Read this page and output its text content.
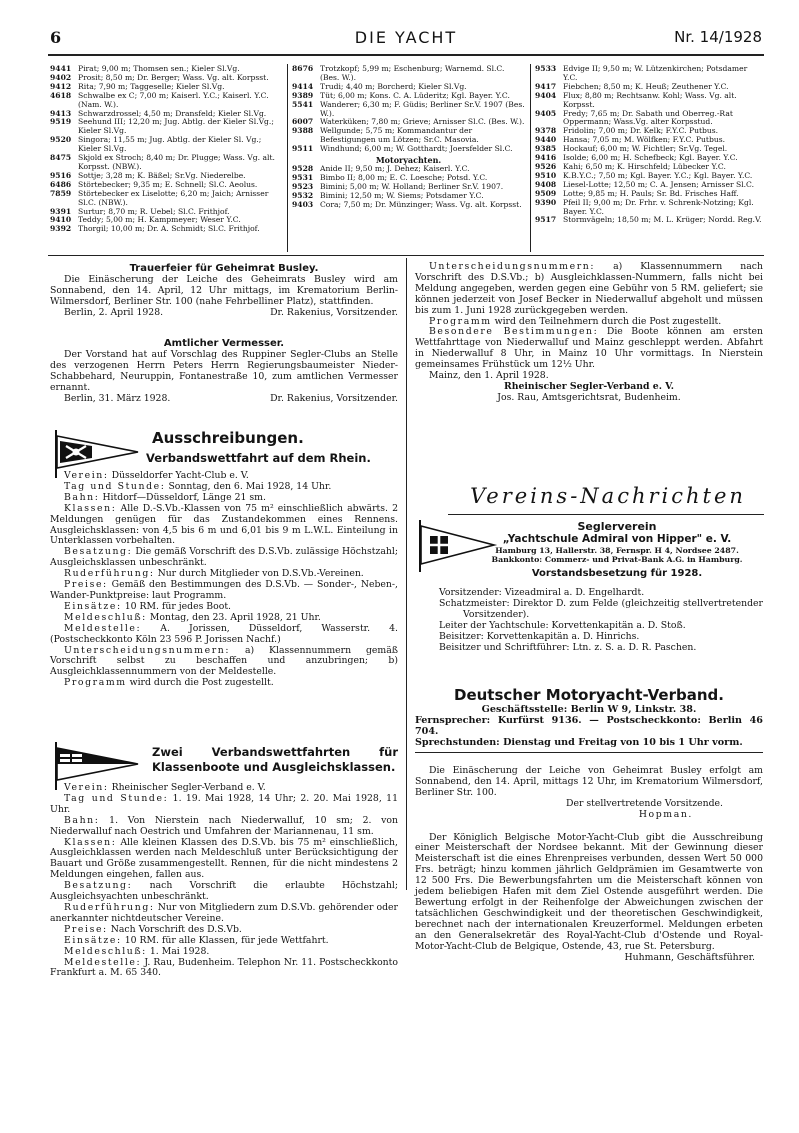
6	DIE YACHT	Nr. 14/1928

9441 Pirat; 9,00 m; Thomsen sen.; Kieler Sl.Vg.

9402 Prosit; 8,50 m; Dr. Berger; Wass. Vg. alt. Korpsst.

9412 Rita; 7,90 m; Taggeselle; Kieler Sl.Vg.

4618 Schwalbe ex C; 7,00 m; Kaiserl. Y.C.; Kaiserl. Y.C. (Nam. W.).

9413 Schwarzdrossel; 4,50 m; Dransfeld; Kieler Sl.Vg.

9519 Seehund III; 12,20 m; Jug. Abtlg. der Kieler Sl.Vg.; Kieler Sl.Vg.

9520 Singora; 11,55 m; Jug. Abtlg. der Kieler Sl. Vg.; Kieler Sl.Vg.

8475 Skjold ex Stroch; 8,40 m; Dr. Plugge; Wass. Vg. alt. Korpsst. (NBW.).

9516 Sottje; 3,28 m; K. Bäßel; Sr.Vg. Niederelbe.

6486 Störtebecker; 9,35 m; E. Schnell; Sl.C. Aeolus.

7859 Störtebecker ex Liselotte; 6,20 m; Jaich; Arnisser Sl.C. (NBW.).

9391 Surtur; 8,70 m; R. Uebel; Sl.C. Frithjof.

9410 Teddy; 5,00 m; H. Kampmeyer; Weser Y.C.

9392 Thorgil; 10,00 m; Dr. A. Schmidt; Sl.C. Frithjof.

8676 Trotzkopf; 5,99 m; Eschenburg; Warnemd. Sl.C. (Bes. W.).

9414 Trudi; 4,40 m; Borcherd; Kieler Sl.Vg.

9389 Tüt; 6,00 m; Kons. C. A. Lüderitz; Kgl. Bayer. Y.C.

5541 Wanderer; 6,30 m; F. Güdis; Berliner Sr.V. 1907 (Bes. W.).

6007 Waterküken; 7,80 m; Grieve; Arnisser Sl.C. (Bes. W.).

9388 Wellgunde; 5,75 m; Kommandantur der Befestigungen um Lötzen; Sr.C. Masovia.

9511 Windhund; 6,00 m; W. Gotthardt; Joersfelder Sl.C.

Motoryachten.

9528 Anide II; 9,50 m; J. Dehez; Kaiserl. Y.C.

9531 Bimbo II; 8,00 m; E. C. Loesche; Potsd. Y.C.

9523 Bimini; 5,00 m; W. Holland; Berliner Sr.V. 1907.

9532 Bimini; 12,50 m; W. Siems; Potsdamer Y.C.

9403 Cora; 7,50 m; Dr. Münzinger; Wass. Vg. alt. Korpsst.

9533 Edvige II; 9,50 m; W. Lützenkirchen; Potsdamer Y.C.

9417 Fiebchen; 8,50 m; K. Heuß; Zeuthener Y.C.

9404 Flux; 8,80 m; Rechtsanw. Kohl; Wass. Vg. alt. Korpsst.

9405 Fredy; 7,65 m; Dr. Sabath und Oberreg.-Rat Oppermann; Wass.Vg. alter Korpsstud.

9378 Fridolin; 7,00 m; Dr. Kelk; F.Y.C. Putbus.

9440 Hansa; 7,05 m; M. Wölfken; F.Y.C. Putbus.

9385 Hockauf; 6,00 m; W. Fichtler; Sr.Vg. Tegel.

9416 Isolde; 6,00 m; H. Schefbeck; Kgl. Bayer. Y.C.

9526 Kahi; 6,50 m; K. Hirschfeld; Lübecker Y.C.

9510 K.B.Y.C.; 7,50 m; Kgl. Bayer. Y.C.; Kgl. Bayer. Y.C.

9408 Liesel-Lotte; 12,50 m; C. A. Jensen; Arnisser Sl.C.

9509 Lotte; 9,85 m; H. Pauls; Sr. Bd. Frisches Haff.

9390 Pfeil II; 9,00 m; Dr. Frhr. v. Schrenk-Notzing; Kgl. Bayer. Y.C.

9517 Stormvägeln; 18,50 m; M. L. Krüger; Nordd. Reg.V.

Trauerfeier für Geheimrat Busley.

Die Einäscherung der Leiche des Geheimrats Busley wird am Sonnabend, den 14. April, 12 Uhr mittags, im Krematorium Berlin-Wilmersdorf, Berliner Str. 100 (nahe Fehrbelliner Platz), stattfinden.

Berlin, 2. April 1928.	Dr. Rakenius, Vorsitzender.

Amtlicher Vermesser.

Der Vorstand hat auf Vorschlag des Ruppiner Segler-Clubs an Stelle des verzogenen Herrn Peters Herrn Regierungsbaumeister Nieder-Schabbehard, Neuruppin, Fontanestraße 10, zum amtlichen Vermesser ernannt.

Berlin, 31. März 1928.	Dr. Rakenius, Vorsitzender.

Ausschreibungen.

Verbandswettfahrt auf dem Rhein.

Verein: Düsseldorfer Yacht-Club e. V.

Tag und Stunde: Sonntag, den 6. Mai 1928, 14 Uhr.

Bahn: Hitdorf—Düsseldorf, Länge 21 sm.

Klassen: Alle D.-S.Vb.-Klassen von 75 m² einschließlich abwärts. 2 Meldungen genügen für das Zustandekommen eines Rennens. Ausgleichsklassen: von 4,5 bis 6 m und 6,01 bis 9 m L.W.L. Einteilung in Unterklassen vorbehalten.

Besatzung: Die gemäß Vorschrift des D.S.Vb. zulässige Höchstzahl; Ausgleichsklassen unbeschränkt.

Ruderführung: Nur durch Mitglieder von D.S.Vb.-Vereinen.

Preise: Gemäß den Bestimmungen des D.S.Vb. — Sonder-, Neben-, Wander-Punktpreise: laut Programm.

Einsätze: 10 RM. für jedes Boot.

Meldeschluß: Montag, den 23. April 1928, 21 Uhr.

Meldestelle: A. Jorissen, Düsseldorf, Wasserstr. 4. (Postscheckkonto Köln 23 596 P. Jorissen Nachf.)

Unterscheidungsnummern: a) Klassennummern gemäß Vorschrift selbst zu beschaffen und anzubringen; b) Ausgleichklassennummern von der Meldestelle.

Programm wird durch die Post zugestellt.

Zwei Verbandswettfahrten für Klassenboote und Ausgleichsklassen.

Verein: Rheinischer Segler-Verband e. V.

Tag und Stunde: 1. 19. Mai 1928, 14 Uhr; 2. 20. Mai 1928, 11 Uhr.

Bahn: 1. Von Nierstein nach Niederwalluf, 10 sm; 2. von Niederwalluf nach Oestrich und Umfahren der Mariannenau, 11 sm.

Klassen: Alle kleinen Klassen des D.S.Vb. bis 75 m² einschließlich, Ausgleichklassen werden nach Meldeschluß unter Berücksichtigung der Bauart und Größe zusammengestellt. Rennen, für die nicht mindestens 2 Meldungen eingehen, fallen aus.

Besatzung: nach Vorschrift die erlaubte Höchstzahl; Ausgleichsyachten unbeschränkt.

Ruderführung: Nur von Mitgliedern zum D.S.Vb. gehörender oder anerkannter nichtdeutscher Vereine.

Preise: Nach Vorschrift des D.S.Vb.

Einsätze: 10 RM. für alle Klassen, für jede Wettfahrt.

Meldeschluß: 1. Mai 1928.

Meldestelle: J. Rau, Budenheim. Telephon Nr. 11. Postscheckkonto Frankfurt a. M. 65 340.

Unterscheidungsnummern: a) Klassennummern nach Vorschrift des D.S.Vb.; b) Ausgleichklassen-Nummern, falls nicht bei Meldung angegeben, werden gegen eine Gebühr von 5 RM. geliefert; sie können jederzeit von Josef Becker in Niederwalluf abgeholt und müssen bis zum 1. Juni 1928 zurückgegeben werden.

Programm wird den Teilnehmern durch die Post zugestellt.

Besondere Bestimmungen: Die Boote können am ersten Wettfahrttage von Niederwalluf und Mainz geschleppt werden. Abfahrt in Niederwalluf 8 Uhr, in Mainz 10 Uhr vormittags. In Nierstein gemeinsames Frühstück um 12½ Uhr.

Mainz, den 1. April 1928.

Rheinischer Segler-Verband e. V.

Jos. Rau, Amtsgerichtsrat, Budenheim.

Vereins-Nachrichten

Seglerverein

„Yachtschule Admiral von Hipper" e. V.

Hamburg 13, Hallerstr. 38, Fernspr. H 4, Nordsee 2487.

Bankkonto: Commerz- und Privat-Bank A.G. in Hamburg.

Vorstandsbesetzung für 1928.

Vorsitzender: Vizeadmiral a. D. Engelhardt.

Schatzmeister: Direktor D. zum Felde (gleichzeitig stellvertretender Vorsitzender).

Leiter der Yachtschule: Korvettenkapitän a. D. Stoß.

Beisitzer: Korvettenkapitän a. D. Hinrichs.

Beisitzer und Schriftführer: Ltn. z. S. a. D. R. Paschen.

Deutscher Motoryacht-Verband.

Geschäftsstelle: Berlin W 9, Linkstr. 38.

Fernsprecher: Kurfürst 9136. — Postscheckkonto: Berlin 46 704.

Sprechstunden: Dienstag und Freitag von 10 bis 1 Uhr vorm.

Die Einäscherung der Leiche von Geheimrat Busley erfolgt am Sonnabend, den 14. April, mittags 12 Uhr, im Krematorium Wilmersdorf, Berliner Str. 100.

Der stellvertretende Vorsitzende.

Hopman.

Der Königlich Belgische Motor-Yacht-Club gibt die Ausschreibung einer Meisterschaft der Nordsee bekannt. Mit der Gewinnung dieser Meisterschaft ist die eines Ehrenpreises verbunden, dessen Wert 50 000 Frs. beträgt; hinzu kommen jährlich Geldprämien im Gesamtwerte von 12 500 Frs. Die Bewerbungsfahrten um die Meisterschaft können von jedem beliebigen Hafen mit dem Ziel Ostende ausgeführt werden. Die Bewertung erfolgt in der Reihenfolge der Abweichungen zwischen der tatsächlichen Geschwindigkeit und der theoretischen Geschwindigkeit, berechnet nach der internationalen Kreuzerformel. Meldungen erbeten an den Generalsekretär des Royal-Yacht-Club d'Ostende und Royal-Motor-Yacht-Club de Belgique, Ostende, 43, rue St. Petersburg.

Huhmann, Geschäftsführer.
